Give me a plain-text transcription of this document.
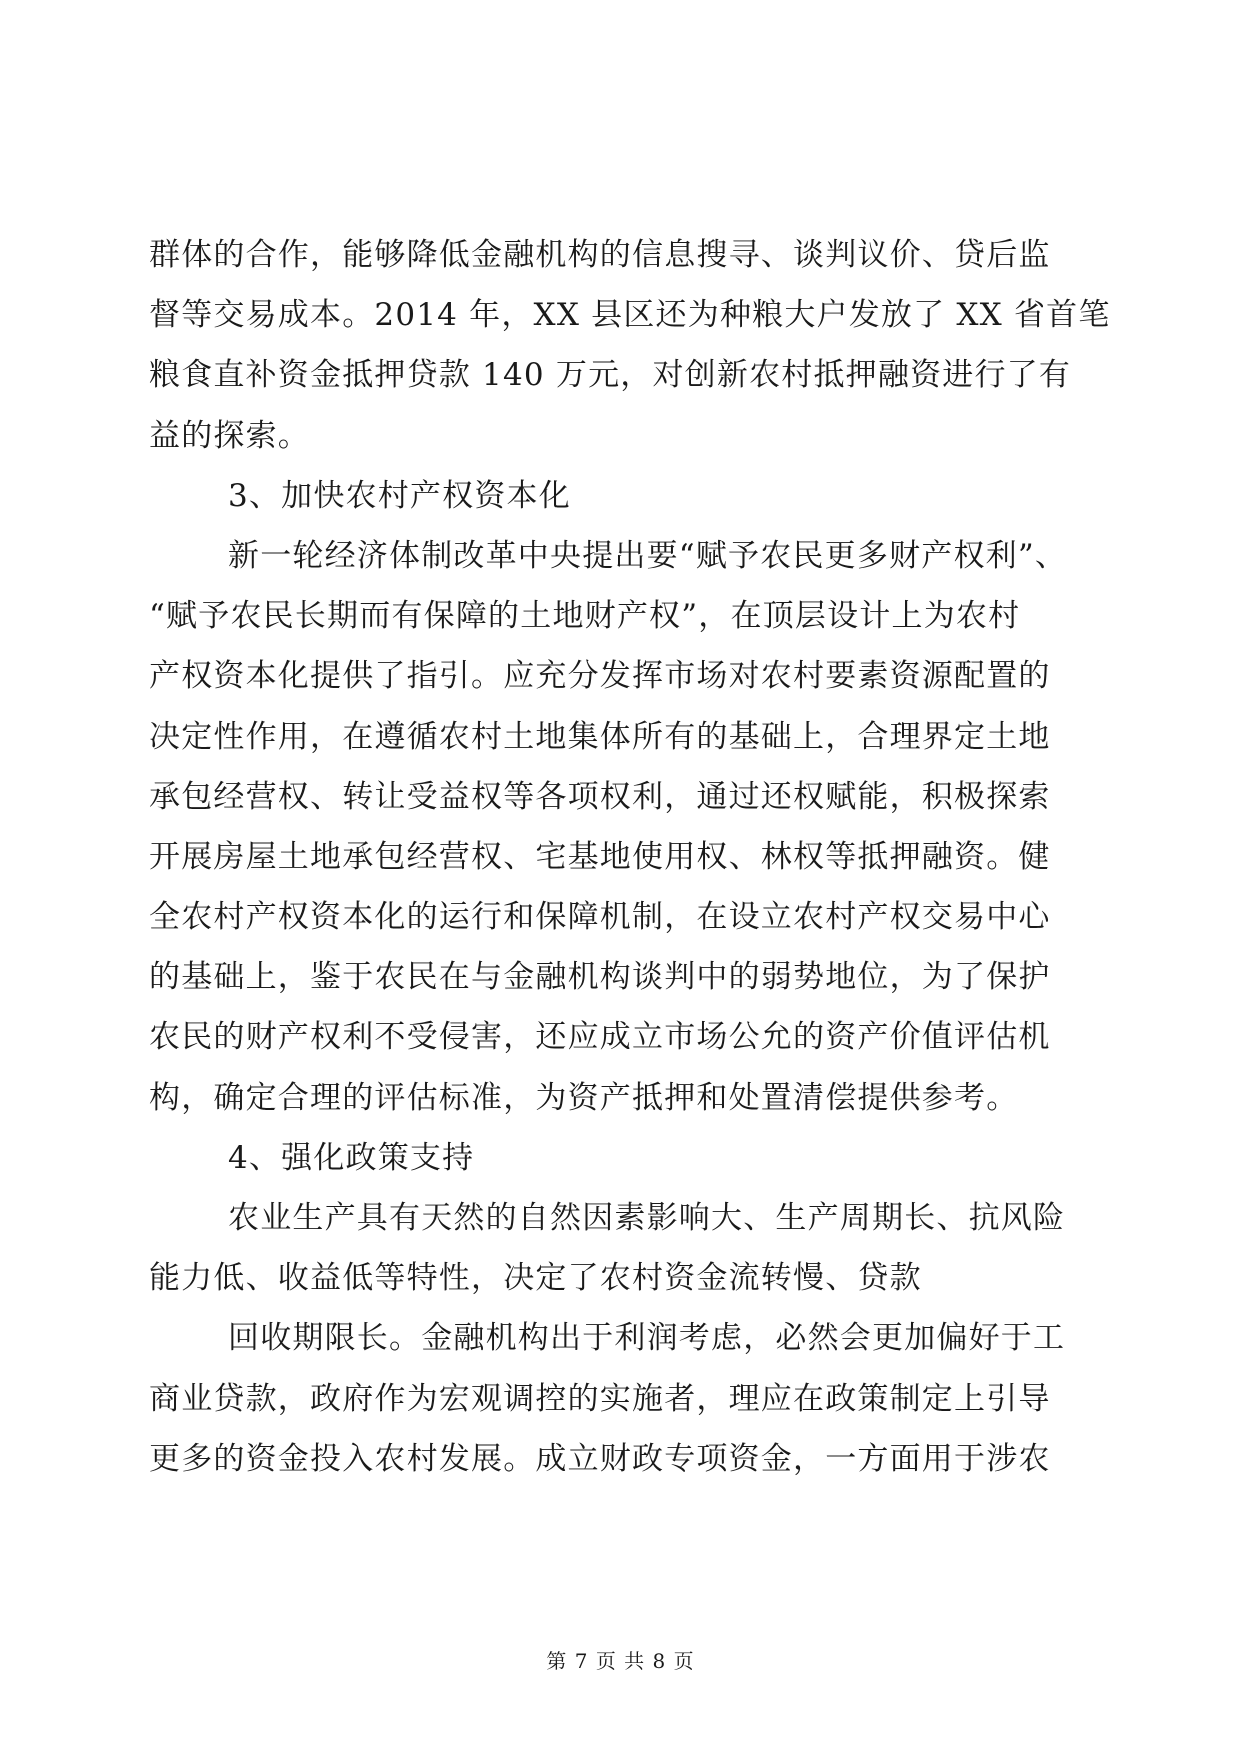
群体的合作，能够降低金融机构的信息搜寻、谈判议价、贷后监
督等交易成本。2014 年，XX 县区还为种粮大户发放了 XX 省首笔
粮食直补资金抵押贷款 140 万元，对创新农村抵押融资进行了有
益的探索。
3、加快农村产权资本化
新一轮经济体制改革中央提出要“赋予农民更多财产权利”、
“赋予农民长期而有保障的土地财产权”，在顶层设计上为农村
产权资本化提供了指引。应充分发挥市场对农村要素资源配置的
决定性作用，在遵循农村土地集体所有的基础上，合理界定土地
承包经营权、转让受益权等各项权利，通过还权赋能，积极探索
开展房屋土地承包经营权、宅基地使用权、林权等抵押融资。健
全农村产权资本化的运行和保障机制，在设立农村产权交易中心
的基础上，鉴于农民在与金融机构谈判中的弱势地位，为了保护
农民的财产权利不受侵害，还应成立市场公允的资产价值评估机
构，确定合理的评估标准，为资产抵押和处置清偿提供参考。
4、强化政策支持
农业生产具有天然的自然因素影响大、生产周期长、抗风险
能力低、收益低等特性，决定了农村资金流转慢、贷款
回收期限长。金融机构出于利润考虑，必然会更加偏好于工
商业贷款，政府作为宏观调控的实施者，理应在政策制定上引导
更多的资金投入农村发展。成立财政专项资金，一方面用于涉农
第 7 页 共 8 页
